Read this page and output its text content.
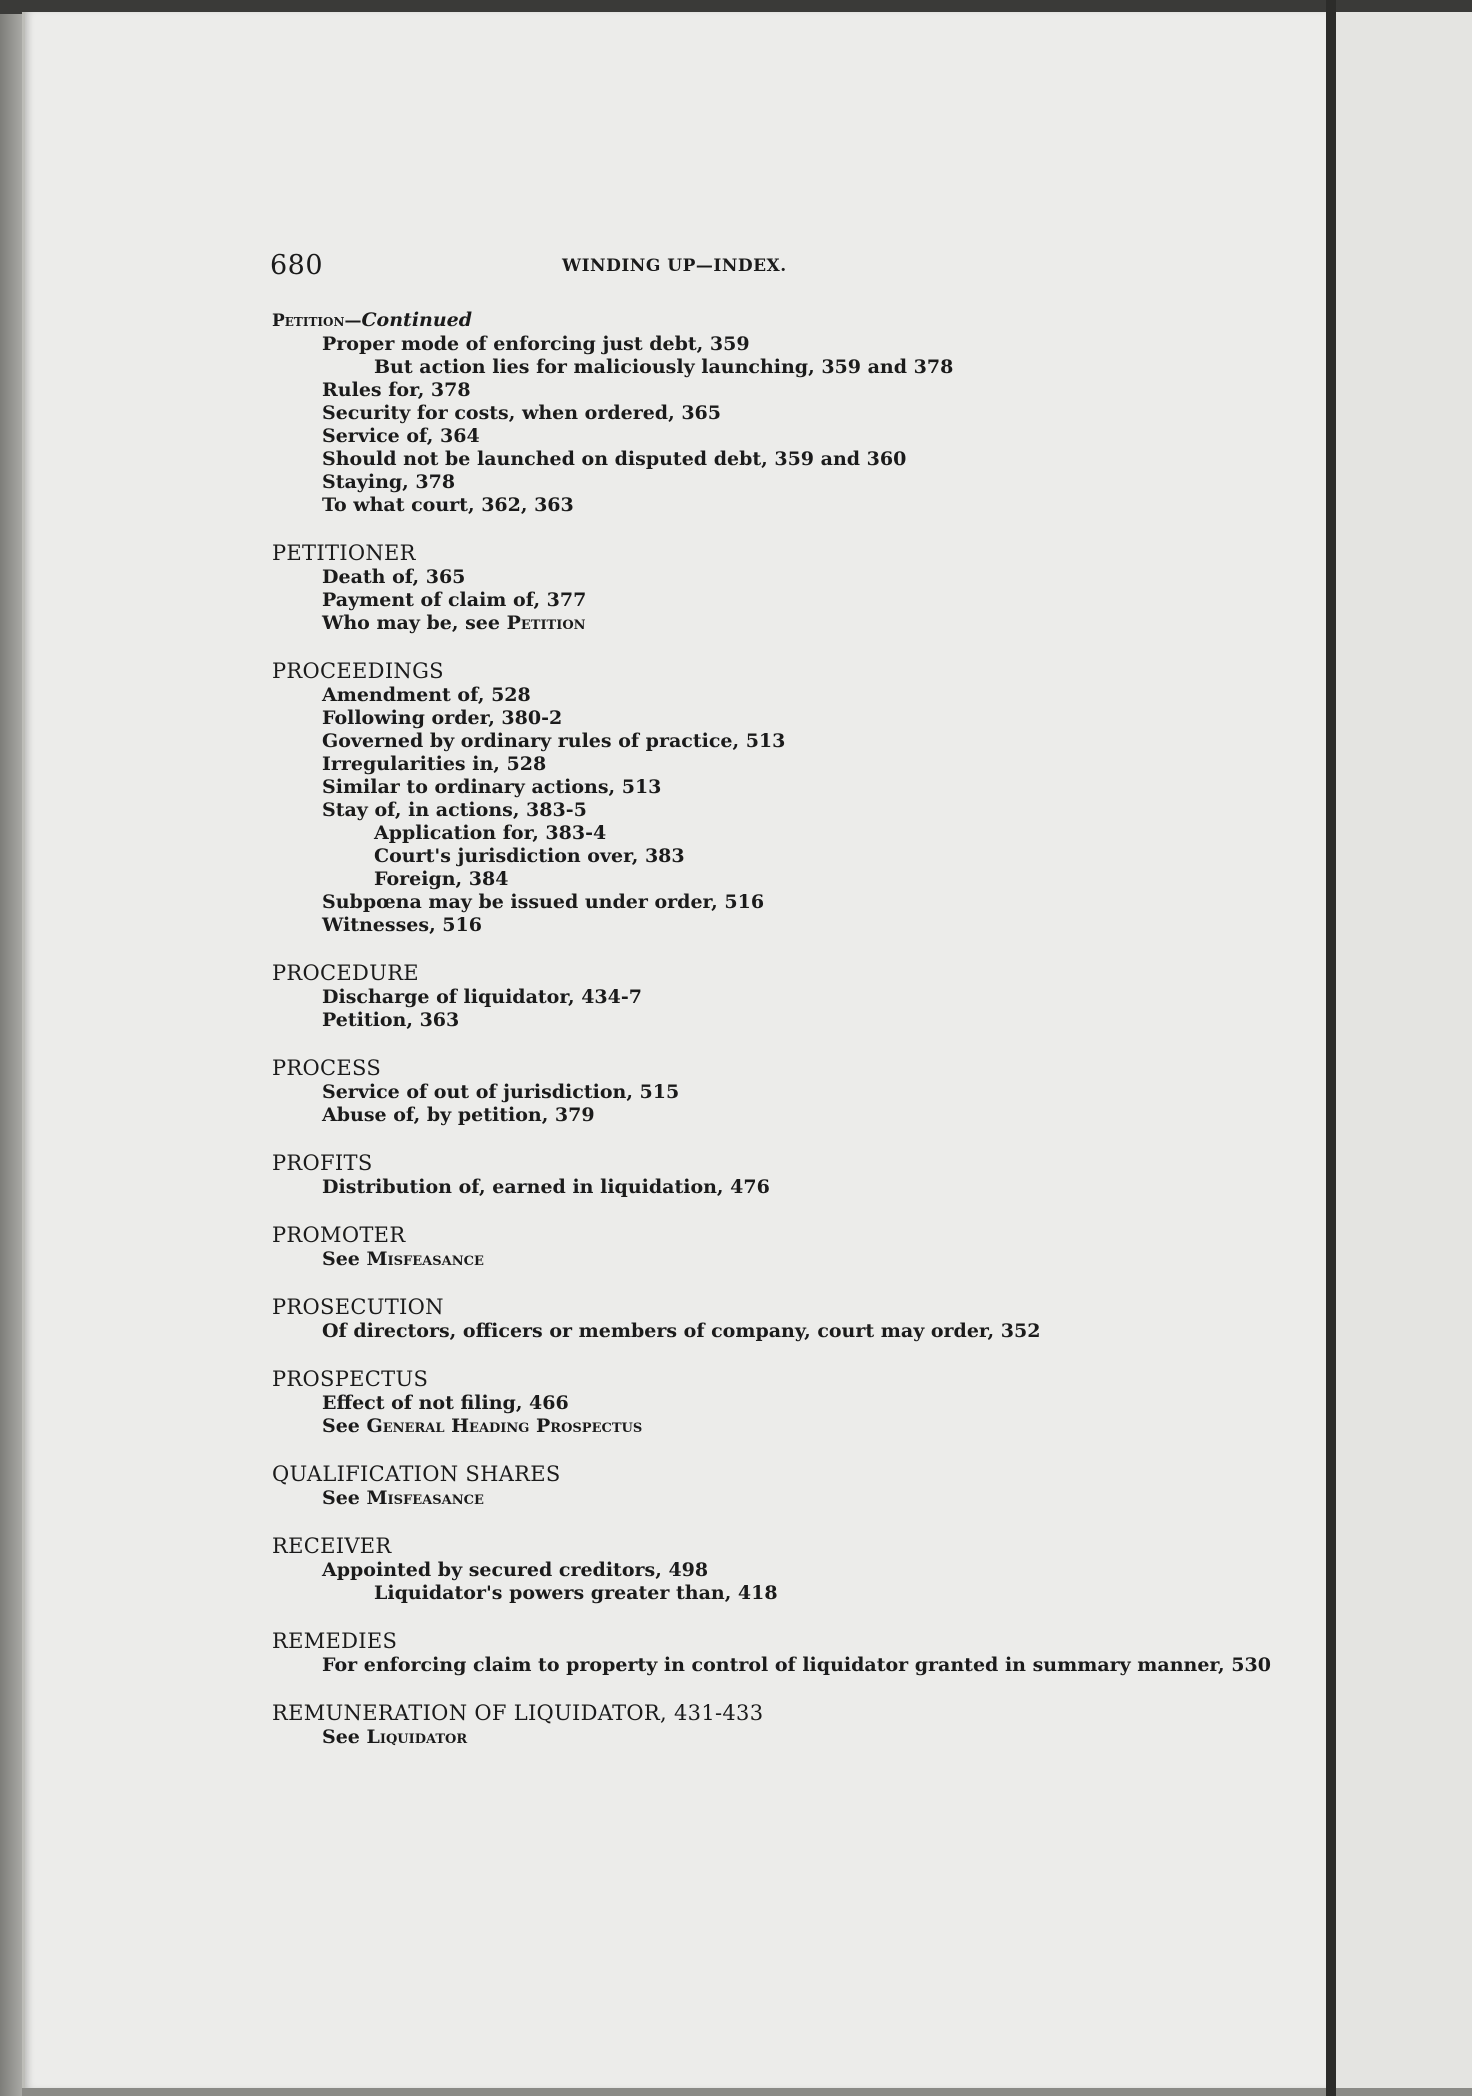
680	WINDING UP—INDEX.
Petition—Continued
Proper mode of enforcing just debt, 359
But action lies for maliciously launching, 359 and 378
Rules for, 378
Security for costs, when ordered, 365
Service of, 364
Should not be launched on disputed debt, 359 and 360
Staying, 378
To what court, 362, 363
PETITIONER
Death of, 365
Payment of claim of, 377
Who may be, see Petition
PROCEEDINGS
Amendment of, 528
Following order, 380-2
Governed by ordinary rules of practice, 513
Irregularities in, 528
Similar to ordinary actions, 513
Stay of, in actions, 383-5
Application for, 383-4
Court's jurisdiction over, 383
Foreign, 384
Subpœna may be issued under order, 516
Witnesses, 516
PROCEDURE
Discharge of liquidator, 434-7
Petition, 363
PROCESS
Service of out of jurisdiction, 515
Abuse of, by petition, 379
PROFITS
Distribution of, earned in liquidation, 476
PROMOTER
See Misfeasance
PROSECUTION
Of directors, officers or members of company, court may order, 352
PROSPECTUS
Effect of not filing, 466
See General Heading Prospectus
QUALIFICATION SHARES
See Misfeasance
RECEIVER
Appointed by secured creditors, 498
Liquidator's powers greater than, 418
REMEDIES
For enforcing claim to property in control of liquidator granted in summary manner, 530
REMUNERATION OF LIQUIDATOR, 431-433
See Liquidator
